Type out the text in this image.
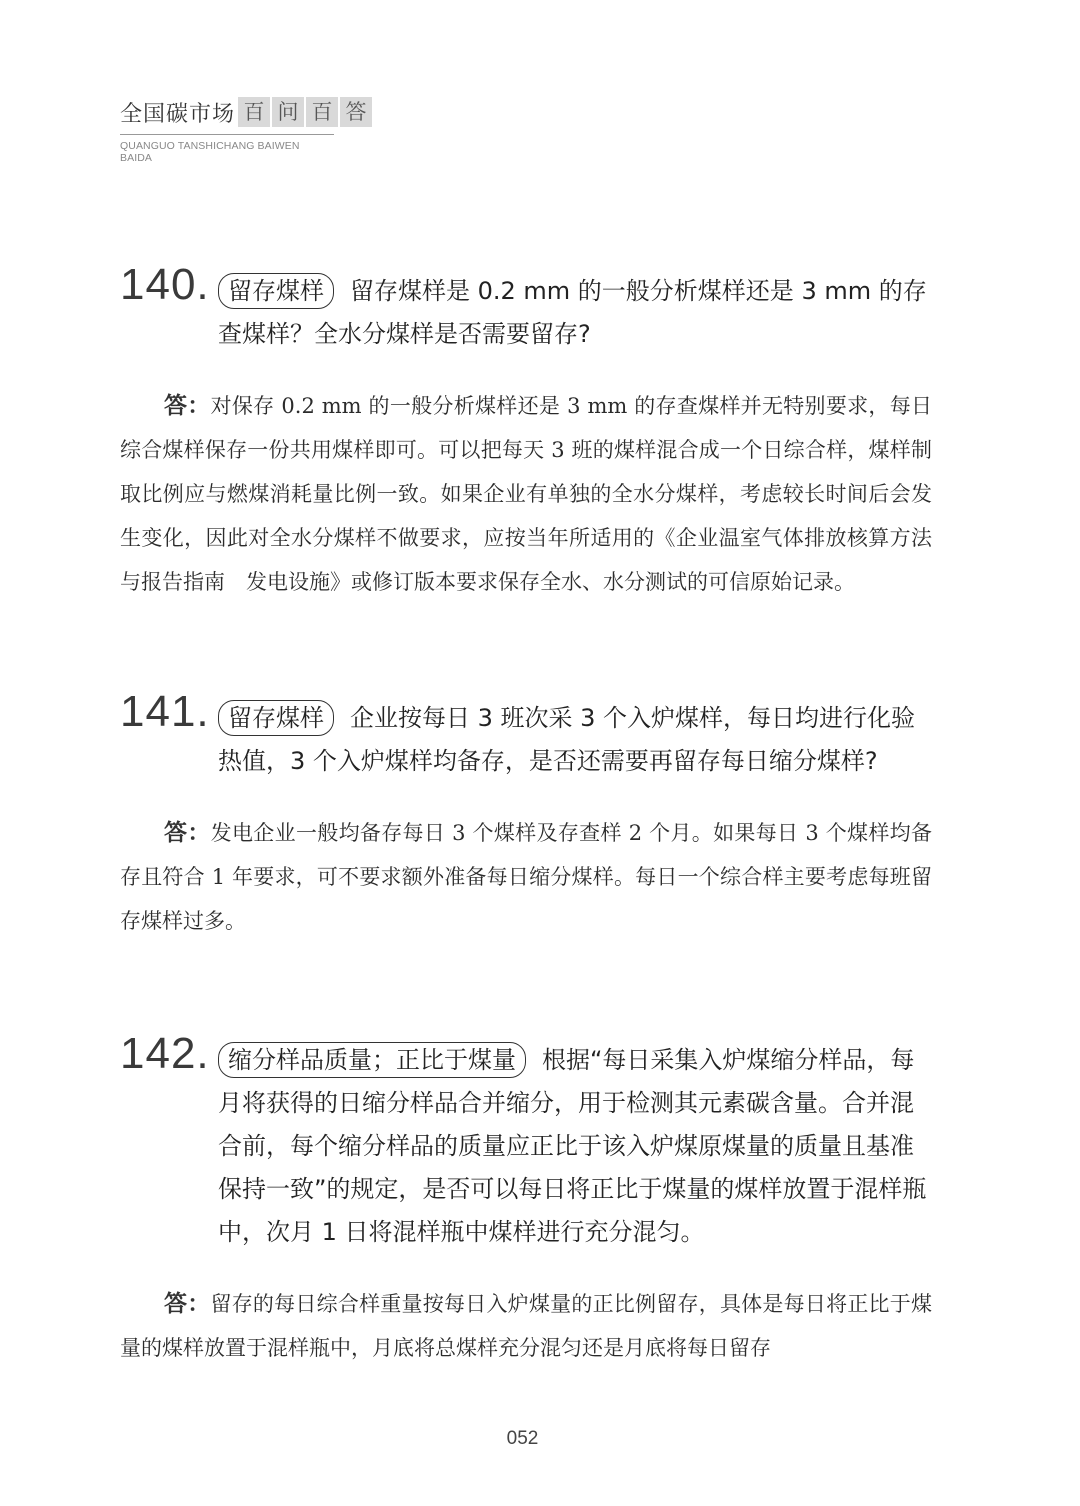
全国碳市场 百 问 百 答
QUANGUO TANSHICHANG BAIWEN BAIDA
140. 留存煤样 留存煤样是 0.2 mm 的一般分析煤样还是 3 mm 的存查煤样？全水分煤样是否需要留存?

答：对保存 0.2 mm 的一般分析煤样还是 3 mm 的存查煤样并无特别要求，每日综合煤样保存一份共用煤样即可。可以把每天 3 班的煤样混合成一个日综合样，煤样制取比例应与燃煤消耗量比例一致。如果企业有单独的全水分煤样，考虑较长时间后会发生变化，因此对全水分煤样不做要求，应按当年所适用的《企业温室气体排放核算方法与报告指南　发电设施》或修订版本要求保存全水、水分测试的可信原始记录。

141. 留存煤样 企业按每日 3 班次采 3 个入炉煤样，每日均进行化验热值，3 个入炉煤样均备存，是否还需要再留存每日缩分煤样?

答：发电企业一般均备存每日 3 个煤样及存查样 2 个月。如果每日 3 个煤样均备存且符合 1 年要求，可不要求额外准备每日缩分煤样。每日一个综合样主要考虑每班留存煤样过多。

142. 缩分样品质量；正比于煤量 根据“每日采集入炉煤缩分样品，每月将获得的日缩分样品合并缩分，用于检测其元素碳含量。合并混合前，每个缩分样品的质量应正比于该入炉煤原煤量的质量且基准保持一致”的规定，是否可以每日将正比于煤量的煤样放置于混样瓶中，次月 1 日将混样瓶中煤样进行充分混匀。

答：留存的每日综合样重量按每日入炉煤量的正比例留存，具体是每日将正比于煤量的煤样放置于混样瓶中，月底将总煤样充分混匀还是月底将每日留存

052
